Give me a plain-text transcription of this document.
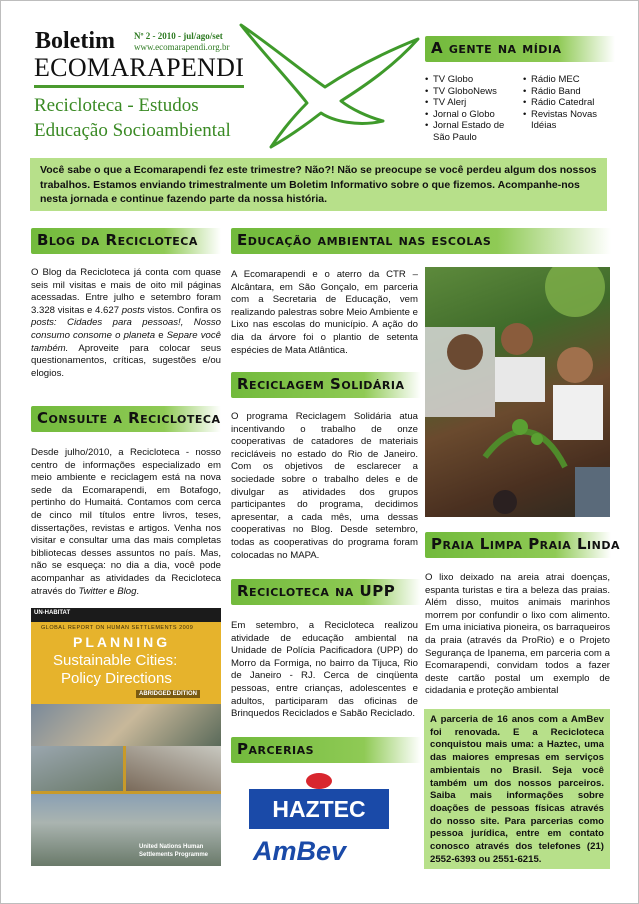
Boletim Nº 2 - 2010 - jul/ago/set
www.ecomarapendi.org.br
ECOMARAPENDI
Recicloteca - Estudos
Educação Socioambiental
A gente na mídia
• TV Globo
• TV GloboNews
• TV Alerj
• Jornal o Globo
• Jornal Estado de São Paulo
• Rádio MEC
• Rádio Band
• Rádio Catedral
• Revistas Novas Idéias

Você sabe o que a Ecomarapendi fez este trimestre? Não?! Não se preocupe se você perdeu algum dos nossos trabalhos. Estamos enviando trimestralmente um Boletim Informativo sobre o que fizemos. Acompanhe-nos nesta jornada e continue fazendo parte da nossa história.

Blog da Recicloteca

O Blog da Recicloteca já conta com quase seis mil visitas e mais de oito mil páginas acessadas. Entre julho e setembro foram 3.328 visitas e 4.627 posts vistos. Confira os posts: Cidades para pessoas!, Nosso consumo consome o planeta e Separe você também. Aproveite para colocar seus questionamentos, críticas, sugestões e/ou elogios.

Consulte a Recicloteca

Desde julho/2010, a Recicloteca - nosso centro de informações especializado em meio ambiente e reciclagem está na nova sede da Ecomarapendi, em Botafogo, pertinho do Humaitá. Contamos com cerca de cinco mil títulos entre livros, teses, dissertações, revistas e artigos. Venha nos visitar e consultar uma das mais completas bibliotecas desses assuntos no país. Mas, não se esqueça: no dia a dia, você pode acompanhar as atividades da Recicloteca através do Twitter e Blog.

UN-HABITAT
GLOBAL REPORT ON HUMAN SETTLEMENTS 2009
PLANNING
Sustainable Cities:
Policy Directions
ABRIDGED EDITION
United Nations Human
Settlements Programme
Educação ambiental nas escolas

A Ecomarapendi e o aterro da CTR – Alcântara, em São Gonçalo, em parceria com a Secretaria de Educação, vem realizando palestras sobre Meio Ambiente e Lixo nas escolas do município. A ação do dia da árvore foi o plantio de setenta espécies de Mata Atlântica.

Reciclagem Solidária

O programa Reciclagem Solidária atua incentivando o trabalho de onze cooperativas de catadores de materiais recicláveis no estado do Rio de Janeiro. Com os objetivos de esclarecer a sociedade sobre o trabalho deles e de divulgar as atividades dos grupos participantes do programa, decidimos apresentar, a cada mês, uma dessas cooperativas no Blog. Desde setembro, todas as cooperativas do programa foram colocadas no MAPA.

Recicloteca na UPP

Em setembro, a Recicloteca realizou atividade de educação ambiental na Unidade de Polícia Pacificadora (UPP) do Morro da Formiga, no bairro da Tijuca, Rio de Janeiro - RJ. Cerca de cinqüenta pessoas, entre crianças, adolescentes e adultos, participaram das oficinas de Brinquedos Reciclados e Sabão Reciclado.

Parcerias
HAZTEC
AmBev
Praia Limpa Praia Linda

O lixo deixado na areia atrai doenças, espanta turistas e tira a beleza das praias. Além disso, muitos animais marinhos morrem por confundir o lixo com alimento. Em uma iniciativa pioneira, os barraqueiros da praia (através da ProRio) e o Projeto Segurança de Ipanema, em parceria com a Ecomarapendi, convidam todos a fazer deste cartão postal um exemplo de cidadania e proteção ambiental

A parceria de 16 anos com a AmBev foi renovada. E a Recicloteca conquistou mais uma: a Haztec, uma das maiores empresas em serviços ambientais no Brasil. Seja você também um dos nossos parceiros. Saiba mais informações sobre doações de pessoas físicas através do nosso site. Para parcerias como pessoa jurídica, entre em contato conosco através dos telefones (21) 2552-6393 ou 2551-6215.
